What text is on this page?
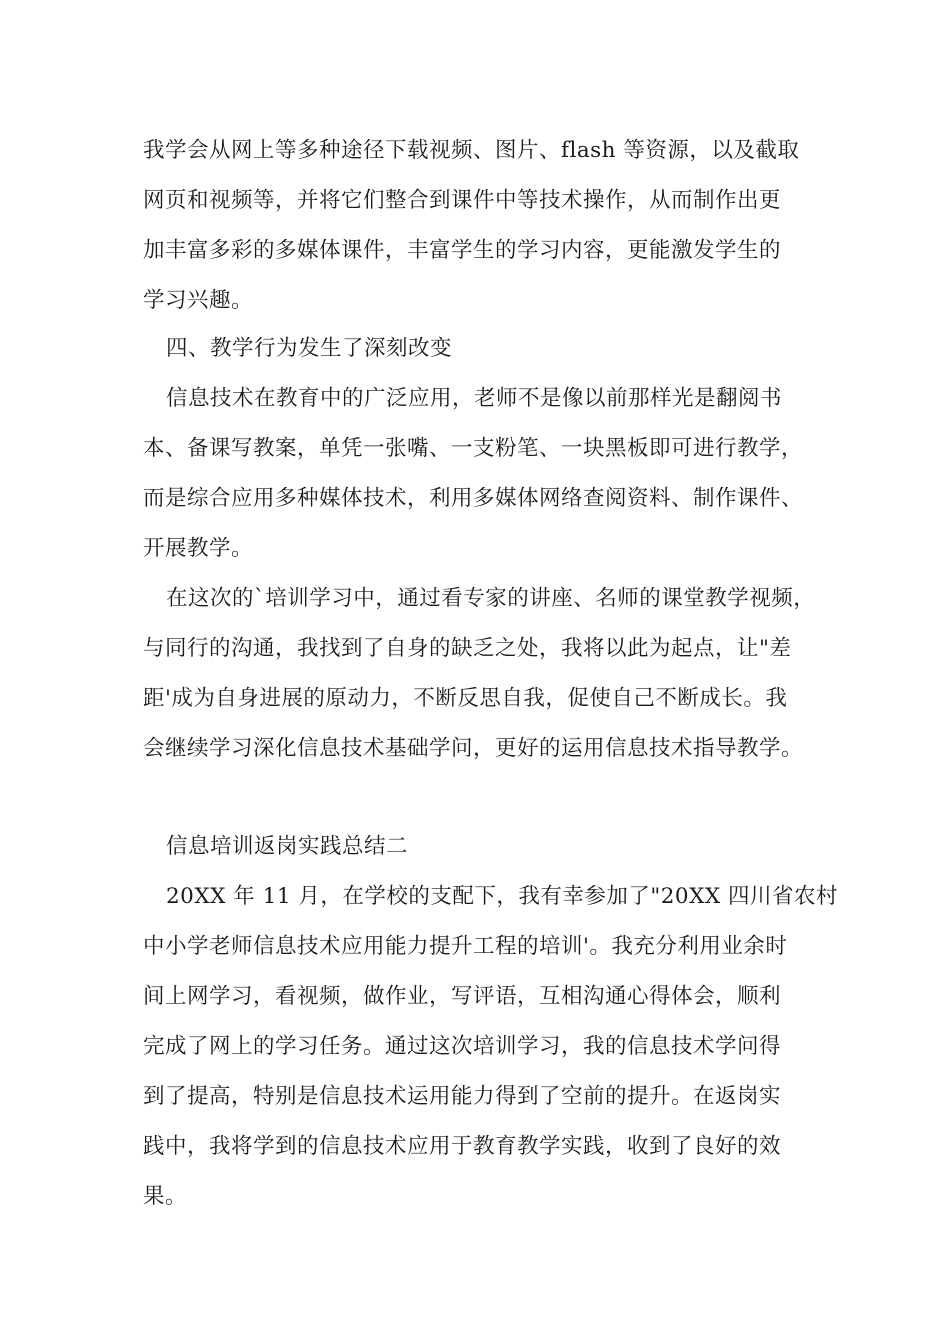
我学会从网上等多种途径下载视频、图片、flash 等资源，以及截取
网页和视频等，并将它们整合到课件中等技术操作，从而制作出更
加丰富多彩的多媒体课件，丰富学生的学习内容，更能激发学生的
学习兴趣。
四、教学行为发生了深刻改变
信息技术在教育中的广泛应用，老师不是像以前那样光是翻阅书
本、备课写教案，单凭一张嘴、一支粉笔、一块黑板即可进行教学，
而是综合应用多种媒体技术，利用多媒体网络查阅资料、制作课件、
开展教学。
在这次的`培训学习中，通过看专家的讲座、名师的课堂教学视频，
与同行的沟通，我找到了自身的缺乏之处，我将以此为起点，让"差
距'成为自身进展的原动力，不断反思自我，促使自己不断成长。我
会继续学习深化信息技术基础学问，更好的运用信息技术指导教学。
信息培训返岗实践总结二
20XX 年 11 月，在学校的支配下，我有幸参加了"20XX 四川省农村
中小学老师信息技术应用能力提升工程的培训'。我充分利用业余时
间上网学习，看视频，做作业，写评语，互相沟通心得体会，顺利
完成了网上的学习任务。通过这次培训学习，我的信息技术学问得
到了提高，特别是信息技术运用能力得到了空前的提升。在返岗实
践中，我将学到的信息技术应用于教育教学实践，收到了良好的效
果。
